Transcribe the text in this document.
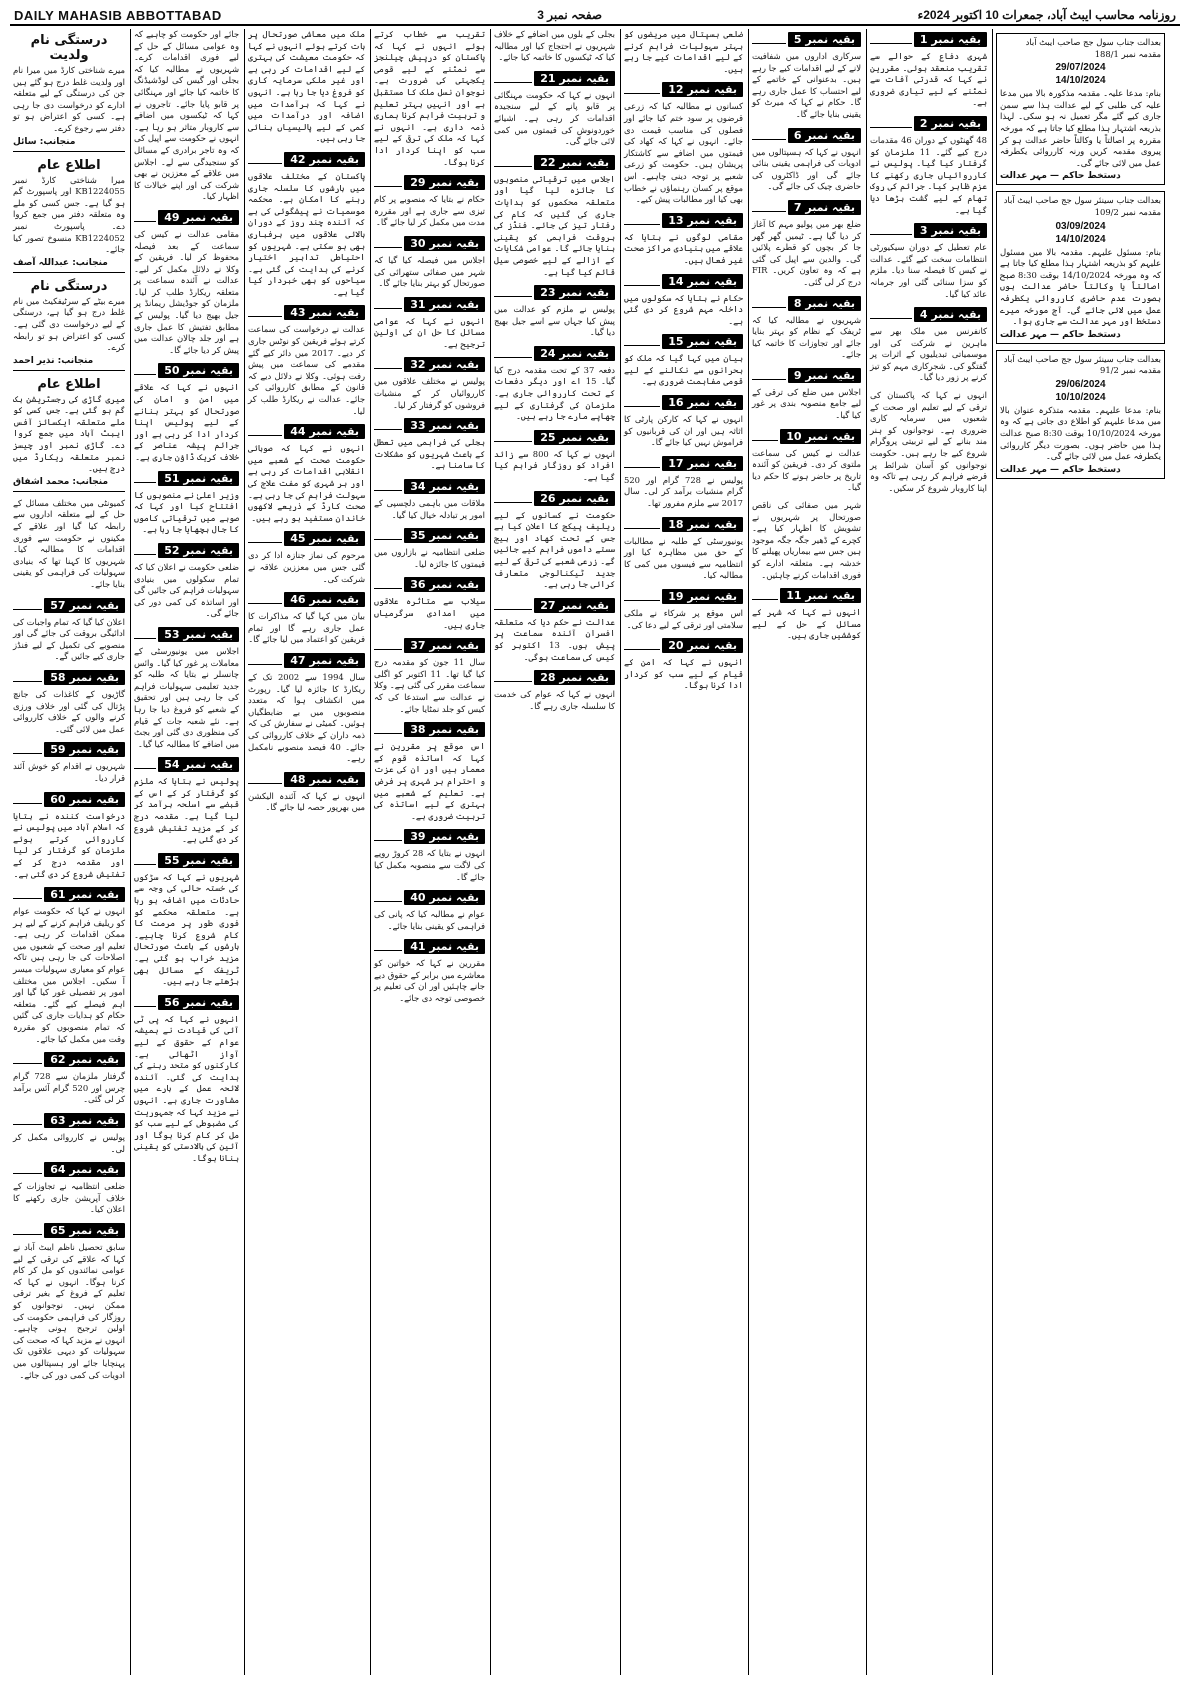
DAILY MAHASIB ABBOTTABAD	صفحہ نمبر 3	روزنامہ محاسب ایبٹ آباد، جمعرات 10 اکتوبر 2024ء
درستگی نام ولدیت

میرے شناختی کارڈ میں میرا نام اور ولدیت غلط درج ہو گئے ہیں جن کی درستگی کے لیے متعلقہ ادارے کو درخواست دی جا رہی ہے۔ کسی کو اعتراض ہو تو دفتر سے رجوع کرے۔

منجانب: سائل
اطلاع عام

میرا شناختی کارڈ نمبر KB1224055 اور پاسپورٹ گم ہو گیا ہے۔ جس کسی کو ملے وہ متعلقہ دفتر میں جمع کروا دے۔ پاسپورٹ نمبر KB1224052 منسوخ تصور کیا جائے۔

منجانب: عبداللہ آصف
درستگی نام

میرے بیٹے کے سرٹیفکیٹ میں نام غلط درج ہو گیا ہے، درستگی کے لیے درخواست دی گئی ہے۔ کسی کو اعتراض ہو تو رابطہ کرے۔

منجانب: نذیر احمد
اطلاع عام

میری گاڑی کی رجسٹریشن بک گم ہو گئی ہے۔ جس کسی کو ملے متعلقہ ایکسائز آفس ایبٹ آباد میں جمع کروا دے۔ گاڑی نمبر اور چیسز نمبر متعلقہ ریکارڈ میں درج ہیں۔

منجانب: محمد اشفاق

کمیونٹی میں مختلف مسائل کے حل کے لیے متعلقہ اداروں سے رابطہ کیا گیا اور علاقے کے مکینوں نے حکومت سے فوری اقدامات کا مطالبہ کیا۔ شہریوں کا کہنا تھا کہ بنیادی سہولیات کی فراہمی کو یقینی بنایا جائے۔

بقیہ نمبر 57

اعلان کیا گیا کہ تمام واجبات کی ادائیگی بروقت کی جائے گی اور منصوبے کی تکمیل کے لیے فنڈز جاری کیے جائیں گے۔

بقیہ نمبر 58

گاڑیوں کے کاغذات کی جانچ پڑتال کی گئی اور خلاف ورزی کرنے والوں کے خلاف کارروائی عمل میں لائی گئی۔

بقیہ نمبر 59

شہریوں نے اقدام کو خوش آئند قرار دیا۔

بقیہ نمبر 60

درخواست کنندہ نے بتایا کہ اسلام آباد میں پولیس نے کارروائی کرتے ہوئے ملزمان کو گرفتار کر لیا اور مقدمہ درج کر کے تفتیش شروع کر دی گئی ہے۔

بقیہ نمبر 61

انہوں نے کہا کہ حکومت عوام کو ریلیف فراہم کرنے کے لیے ہر ممکن اقدامات کر رہی ہے۔ تعلیم اور صحت کے شعبوں میں اصلاحات کی جا رہی ہیں تاکہ عوام کو معیاری سہولیات میسر آ سکیں۔ اجلاس میں مختلف امور پر تفصیلی غور کیا گیا اور اہم فیصلے کیے گئے۔ متعلقہ حکام کو ہدایات جاری کی گئیں کہ تمام منصوبوں کو مقررہ وقت میں مکمل کیا جائے۔

بقیہ نمبر 62

گرفتار ملزمان سے 728 گرام چرس اور 520 گرام آئس برآمد کر لی گئی۔

بقیہ نمبر 63

پولیس نے کارروائی مکمل کر لی۔

بقیہ نمبر 64

ضلعی انتظامیہ نے تجاوزات کے خلاف آپریشن جاری رکھنے کا اعلان کیا۔

بقیہ نمبر 65

سابق تحصیل ناظم ایبٹ آباد نے کہا کہ علاقے کی ترقی کے لیے عوامی نمائندوں کو مل کر کام کرنا ہوگا۔ انہوں نے کہا کہ تعلیم کے فروغ کے بغیر ترقی ممکن نہیں۔ نوجوانوں کو روزگار کی فراہمی حکومت کی اولین ترجیح ہونی چاہیے۔ انہوں نے مزید کہا کہ صحت کی سہولیات کو دیہی علاقوں تک پہنچایا جائے اور ہسپتالوں میں ادویات کی کمی دور کی جائے۔

جائے اور حکومت کو چاہیے کہ وہ عوامی مسائل کے حل کے لیے فوری اقدامات کرے۔ شہریوں نے مطالبہ کیا کہ بجلی اور گیس کی لوڈشیڈنگ کا خاتمہ کیا جائے اور مہنگائی پر قابو پایا جائے۔ تاجروں نے کہا کہ ٹیکسوں میں اضافے سے کاروبار متاثر ہو رہا ہے۔ انہوں نے حکومت سے اپیل کی کہ وہ تاجر برادری کے مسائل کو سنجیدگی سے لے۔ اجلاس میں علاقے کے معززین نے بھی شرکت کی اور اپنے خیالات کا اظہار کیا۔

بقیہ نمبر 49

مقامی عدالت نے کیس کی سماعت کے بعد فیصلہ محفوظ کر لیا۔ فریقین کے وکلا نے دلائل مکمل کر لیے۔ عدالت نے آئندہ سماعت پر متعلقہ ریکارڈ طلب کر لیا۔ ملزمان کو جوڈیشل ریمانڈ پر جیل بھیج دیا گیا۔ پولیس کے مطابق تفتیش کا عمل جاری ہے اور جلد چالان عدالت میں پیش کر دیا جائے گا۔

بقیہ نمبر 50

انہوں نے کہا کہ علاقے میں امن و امان کی صورتحال کو بہتر بنانے کے لیے پولیس اپنا کردار ادا کر رہی ہے اور جرائم پیشہ عناصر کے خلاف کریک ڈاؤن جاری ہے۔

بقیہ نمبر 51

وزیر اعلیٰ نے منصوبوں کا افتتاح کیا اور کہا کہ صوبے میں ترقیاتی کاموں کا جال بچھایا جا رہا ہے۔

بقیہ نمبر 52

ضلعی حکومت نے اعلان کیا کہ تمام سکولوں میں بنیادی سہولیات فراہم کی جائیں گی اور اساتذہ کی کمی دور کی جائے گی۔

بقیہ نمبر 53

اجلاس میں یونیورسٹی کے معاملات پر غور کیا گیا۔ وائس چانسلر نے بتایا کہ طلبہ کو جدید تعلیمی سہولیات فراہم کی جا رہی ہیں اور تحقیق کے شعبے کو فروغ دیا جا رہا ہے۔ نئے شعبہ جات کے قیام کی منظوری دی گئی اور بجٹ میں اضافے کا مطالبہ کیا گیا۔

بقیہ نمبر 54

پولیس نے بتایا کہ ملزم کو گرفتار کر کے اس کے قبضے سے اسلحہ برآمد کر لیا گیا ہے۔ مقدمہ درج کر کے مزید تفتیش شروع کر دی گئی ہے۔

بقیہ نمبر 55

شہریوں نے کہا کہ سڑکوں کی خستہ حالی کی وجہ سے حادثات میں اضافہ ہو رہا ہے۔ متعلقہ محکمے کو فوری طور پر مرمت کا کام شروع کرنا چاہیے۔ بارشوں کے باعث صورتحال مزید خراب ہو گئی ہے۔ ٹریفک کے مسائل بھی بڑھتے جا رہے ہیں۔

بقیہ نمبر 56

انہوں نے کہا کہ پی ٹی آئی کی قیادت نے ہمیشہ عوام کے حقوق کے لیے آواز اٹھائی ہے۔ کارکنوں کو متحد رہنے کی ہدایت کی گئی۔ آئندہ لائحہ عمل کے بارے میں مشاورت جاری ہے۔ انہوں نے مزید کہا کہ جمہوریت کی مضبوطی کے لیے سب کو مل کر کام کرنا ہوگا اور آئین کی بالادستی کو یقینی بنانا ہوگا۔

ملک میں معاشی صورتحال پر بات کرتے ہوئے انہوں نے کہا کہ حکومت معیشت کی بہتری کے لیے اقدامات کر رہی ہے اور غیر ملکی سرمایہ کاری کو فروغ دیا جا رہا ہے۔ انہوں نے کہا کہ برآمدات میں اضافہ اور درآمدات میں کمی کے لیے پالیسیاں بنائی جا رہی ہیں۔

بقیہ نمبر 42

پاکستان کے مختلف علاقوں میں بارشوں کا سلسلہ جاری رہنے کا امکان ہے۔ محکمہ موسمیات نے پیشگوئی کی ہے کہ آئندہ چند روز کے دوران بالائی علاقوں میں برفباری بھی ہو سکتی ہے۔ شہریوں کو احتیاطی تدابیر اختیار کرنے کی ہدایت کی گئی ہے۔ سیاحوں کو بھی خبردار کیا گیا ہے۔

بقیہ نمبر 43

عدالت نے درخواست کی سماعت کرتے ہوئے فریقین کو نوٹس جاری کر دیے۔ 2017 میں دائر کیے گئے مقدمے کی سماعت میں پیش رفت ہوئی۔ وکلا نے دلائل دیے کہ قانون کے مطابق کارروائی کی جائے۔ عدالت نے ریکارڈ طلب کر لیا۔

بقیہ نمبر 44

انہوں نے کہا کہ صوبائی حکومت صحت کے شعبے میں انقلابی اقدامات کر رہی ہے اور ہر شہری کو مفت علاج کی سہولت فراہم کی جا رہی ہے۔ صحت کارڈ کے ذریعے لاکھوں خاندان مستفید ہو رہے ہیں۔

بقیہ نمبر 45

مرحوم کی نماز جنازہ ادا کر دی گئی جس میں معززین علاقہ نے شرکت کی۔

بقیہ نمبر 46

بیان میں کہا گیا کہ مذاکرات کا عمل جاری رہے گا اور تمام فریقین کو اعتماد میں لیا جائے گا۔

بقیہ نمبر 47

سال 1994 سے 2002 تک کے ریکارڈ کا جائزہ لیا گیا۔ رپورٹ میں انکشاف ہوا کہ متعدد منصوبوں میں بے ضابطگیاں ہوئیں۔ کمیٹی نے سفارش کی کہ ذمہ داران کے خلاف کارروائی کی جائے۔ 40 فیصد منصوبے نامکمل رہے۔

بقیہ نمبر 48

انہوں نے کہا کہ آئندہ الیکشن میں بھرپور حصہ لیا جائے گا۔

تقریب سے خطاب کرتے ہوئے انہوں نے کہا کہ پاکستان کو درپیش چیلنجز سے نمٹنے کے لیے قومی یکجہتی کی ضرورت ہے۔ نوجوان نسل ملک کا مستقبل ہے اور انہیں بہتر تعلیم و تربیت فراہم کرنا ہماری ذمہ داری ہے۔ انہوں نے کہا کہ ملک کی ترقی کے لیے سب کو اپنا کردار ادا کرنا ہوگا۔

بقیہ نمبر 29

حکام نے بتایا کہ منصوبے پر کام تیزی سے جاری ہے اور مقررہ مدت میں مکمل کر لیا جائے گا۔

بقیہ نمبر 30

اجلاس میں فیصلہ کیا گیا کہ شہر میں صفائی ستھرائی کی صورتحال کو بہتر بنایا جائے گا۔

بقیہ نمبر 31

انہوں نے کہا کہ عوامی مسائل کا حل ان کی اولین ترجیح ہے۔

بقیہ نمبر 32

پولیس نے مختلف علاقوں میں کارروائیاں کر کے منشیات فروشوں کو گرفتار کر لیا۔

بقیہ نمبر 33

بجلی کی فراہمی میں تعطل کے باعث شہریوں کو مشکلات کا سامنا ہے۔

بقیہ نمبر 34

ملاقات میں باہمی دلچسپی کے امور پر تبادلہ خیال کیا گیا۔

بقیہ نمبر 35

ضلعی انتظامیہ نے بازاروں میں قیمتوں کا جائزہ لیا۔

بقیہ نمبر 36

سیلاب سے متاثرہ علاقوں میں امدادی سرگرمیاں جاری ہیں۔

بقیہ نمبر 37

سال 11 جون کو مقدمہ درج کیا گیا تھا۔ 11 اکتوبر کو اگلی سماعت مقرر کی گئی ہے۔ وکلا نے عدالت سے استدعا کی کہ کیس کو جلد نمٹایا جائے۔

بقیہ نمبر 38

اس موقع پر مقررین نے کہا کہ اساتذہ قوم کے معمار ہیں اور ان کی عزت و احترام ہر شہری پر فرض ہے۔ تعلیم کے شعبے میں بہتری کے لیے اساتذہ کی تربیت ضروری ہے۔

بقیہ نمبر 39

انہوں نے بتایا کہ 28 کروڑ روپے کی لاگت سے منصوبہ مکمل کیا جائے گا۔

بقیہ نمبر 40

عوام نے مطالبہ کیا کہ پانی کی فراہمی کو یقینی بنایا جائے۔

بقیہ نمبر 41

مقررین نے کہا کہ خواتین کو معاشرے میں برابر کے حقوق دیے جانے چاہئیں اور ان کی تعلیم پر خصوصی توجہ دی جائے۔

بجلی کے بلوں میں اضافے کے خلاف شہریوں نے احتجاج کیا اور مطالبہ کیا کہ ٹیکسوں کا خاتمہ کیا جائے۔

بقیہ نمبر 21

انہوں نے کہا کہ حکومت مہنگائی پر قابو پانے کے لیے سنجیدہ اقدامات کر رہی ہے۔ اشیائے خوردونوش کی قیمتوں میں کمی لائی جائے گی۔

بقیہ نمبر 22

اجلاس میں ترقیاتی منصوبوں کا جائزہ لیا گیا اور متعلقہ محکموں کو ہدایات جاری کی گئیں کہ کام کی رفتار تیز کی جائے۔ فنڈز کی بروقت فراہمی کو یقینی بنایا جائے گا۔ عوامی شکایات کے ازالے کے لیے خصوصی سیل قائم کیا گیا ہے۔

بقیہ نمبر 23

پولیس نے ملزم کو عدالت میں پیش کیا جہاں سے اسے جیل بھیج دیا گیا۔

بقیہ نمبر 24

دفعہ 37 کے تحت مقدمہ درج کیا گیا۔ 15 اے اور دیگر دفعات کے تحت کارروائی جاری ہے۔ ملزمان کی گرفتاری کے لیے چھاپے مارے جا رہے ہیں۔

بقیہ نمبر 25

انہوں نے کہا کہ 800 سے زائد افراد کو روزگار فراہم کیا گیا ہے۔

بقیہ نمبر 26

حکومت نے کسانوں کے لیے ریلیف پیکج کا اعلان کیا ہے جس کے تحت کھاد اور بیج سستے داموں فراہم کیے جائیں گے۔ زرعی شعبے کی ترقی کے لیے جدید ٹیکنالوجی متعارف کرائی جا رہی ہے۔

بقیہ نمبر 27

عدالت نے حکم دیا کہ متعلقہ افسران آئندہ سماعت پر پیش ہوں۔ 13 اکتوبر کو کیس کی سماعت ہوگی۔

بقیہ نمبر 28

انہوں نے کہا کہ عوام کی خدمت کا سلسلہ جاری رہے گا۔

ضلعی ہسپتال میں مریضوں کو بہتر سہولیات فراہم کرنے کے لیے اقدامات کیے جا رہے ہیں۔

بقیہ نمبر 12

کسانوں نے مطالبہ کیا کہ زرعی قرضوں پر سود ختم کیا جائے اور فصلوں کی مناسب قیمت دی جائے۔ انہوں نے کہا کہ کھاد کی قیمتوں میں اضافے سے کاشتکار پریشان ہیں۔ حکومت کو زرعی شعبے پر توجہ دینی چاہیے۔ اس موقع پر کسان رہنماؤں نے خطاب بھی کیا اور مطالبات پیش کیے۔

بقیہ نمبر 13

مقامی لوگوں نے بتایا کہ علاقے میں بنیادی مراکز صحت غیر فعال ہیں۔

بقیہ نمبر 14

حکام نے بتایا کہ سکولوں میں داخلہ مہم شروع کر دی گئی ہے۔

بقیہ نمبر 15

بیان میں کہا گیا کہ ملک کو بحرانوں سے نکالنے کے لیے قومی مفاہمت ضروری ہے۔

بقیہ نمبر 16

انہوں نے کہا کہ کارکن پارٹی کا اثاثہ ہیں اور ان کی قربانیوں کو فراموش نہیں کیا جائے گا۔

بقیہ نمبر 17

پولیس نے 728 گرام اور 520 گرام منشیات برآمد کر لی۔ سال 2017 سے ملزم مفرور تھا۔

بقیہ نمبر 18

یونیورسٹی کے طلبہ نے مطالبات کے حق میں مظاہرہ کیا اور انتظامیہ سے فیسوں میں کمی کا مطالبہ کیا۔

بقیہ نمبر 19

اس موقع پر شرکاء نے ملکی سلامتی اور ترقی کے لیے دعا کی۔

بقیہ نمبر 20

انہوں نے کہا کہ امن کے قیام کے لیے سب کو کردار ادا کرنا ہوگا۔

بقیہ نمبر 5

سرکاری اداروں میں شفافیت لانے کے لیے اقدامات کیے جا رہے ہیں۔ بدعنوانی کے خاتمے کے لیے احتساب کا عمل جاری رہے گا۔ حکام نے کہا کہ میرٹ کو یقینی بنایا جائے گا۔

بقیہ نمبر 6

انہوں نے کہا کہ ہسپتالوں میں ادویات کی فراہمی یقینی بنائی جائے گی اور ڈاکٹروں کی حاضری چیک کی جائے گی۔

بقیہ نمبر 7

ضلع بھر میں پولیو مہم کا آغاز کر دیا گیا ہے۔ ٹیمیں گھر گھر جا کر بچوں کو قطرے پلائیں گی۔ والدین سے اپیل کی گئی ہے کہ وہ تعاون کریں۔ FIR درج کر لی گئی۔

بقیہ نمبر 8

شہریوں نے مطالبہ کیا کہ ٹریفک کے نظام کو بہتر بنایا جائے اور تجاوزات کا خاتمہ کیا جائے۔

بقیہ نمبر 9

اجلاس میں ضلع کی ترقی کے لیے جامع منصوبہ بندی پر غور کیا گیا۔

بقیہ نمبر 10

عدالت نے کیس کی سماعت ملتوی کر دی۔ فریقین کو آئندہ تاریخ پر حاضر ہونے کا حکم دیا گیا۔

شہر میں صفائی کی ناقص صورتحال پر شہریوں نے تشویش کا اظہار کیا ہے۔ کچرے کے ڈھیر جگہ جگہ موجود ہیں جس سے بیماریاں پھیلنے کا خدشہ ہے۔ متعلقہ ادارے کو فوری اقدامات کرنے چاہئیں۔

بقیہ نمبر 11

انہوں نے کہا کہ شہر کے مسائل کے حل کے لیے کوششیں جاری ہیں۔

بقیہ نمبر 1

شہری دفاع کے حوالے سے تقریب منعقد ہوئی۔ مقررین نے کہا کہ قدرتی آفات سے نمٹنے کے لیے تیاری ضروری ہے۔

بقیہ نمبر 2

48 گھنٹوں کے دوران 46 مقدمات درج کیے گئے۔ 11 ملزمان کو گرفتار کیا گیا۔ پولیس نے کارروائیاں جاری رکھنے کا عزم ظاہر کیا۔ جرائم کی روک تھام کے لیے گشت بڑھا دیا گیا ہے۔

بقیہ نمبر 3

عام تعطیل کے دوران سیکیورٹی انتظامات سخت کیے گئے۔ عدالت نے کیس کا فیصلہ سنا دیا۔ ملزم کو سزا سنائی گئی اور جرمانہ عائد کیا گیا۔

بقیہ نمبر 4

کانفرنس میں ملک بھر سے ماہرین نے شرکت کی اور موسمیاتی تبدیلیوں کے اثرات پر گفتگو کی۔ شجرکاری مہم کو تیز کرنے پر زور دیا گیا۔

انہوں نے کہا کہ پاکستان کی ترقی کے لیے تعلیم اور صحت کے شعبوں میں سرمایہ کاری ضروری ہے۔ نوجوانوں کو ہنر مند بنانے کے لیے تربیتی پروگرام شروع کیے جا رہے ہیں۔ حکومت نوجوانوں کو آسان شرائط پر قرضے فراہم کر رہی ہے تاکہ وہ اپنا کاروبار شروع کر سکیں۔

بعدالت جناب سول جج صاحب ایبٹ آباد
مقدمہ نمبر 188/1
29/07/2024
14/10/2024
بنام: مدعا علیہ۔ مقدمہ مذکورہ بالا میں مدعا علیہ کی طلبی کے لیے عدالت ہذا سے سمن جاری کیے گئے مگر تعمیل نہ ہو سکی۔ لہذا بذریعہ اشتہار ہذا مطلع کیا جاتا ہے کہ مورخہ مقررہ پر اصالتاً یا وکالتاً حاضر عدالت ہو کر پیروی مقدمہ کریں ورنہ کارروائی یکطرفہ عمل میں لائی جائے گی۔
دستخط حاکم — مہر عدالت
بعدالت جناب سینئر سول جج صاحب ایبٹ آباد
مقدمہ نمبر 109/2
03/09/2024
14/10/2024
بنام: مسئول علیہم۔ مقدمہ بالا میں مسئول علیہم کو بذریعہ اشتہار ہذا مطلع کیا جاتا ہے کہ وہ مورخہ 14/10/2024 بوقت 8:30 صبح اصالتاً یا وکالتاً حاضر عدالت ہوں بصورت عدم حاضری کارروائی یکطرفہ عمل میں لائی جائے گی۔ آج مورخہ میرے دستخط اور مہر عدالت سے جاری ہوا۔
دستخط حاکم — مہر عدالت
بعدالت جناب سینئر سول جج صاحب ایبٹ آباد
مقدمہ نمبر 91/2
29/06/2024
10/10/2024
بنام: مدعا علیہم۔ مقدمہ متذکرہ عنوان بالا میں مدعا علیہم کو اطلاع دی جاتی ہے کہ وہ مورخہ 10/10/2024 بوقت 8:30 صبح عدالت ہذا میں حاضر ہوں۔ بصورت دیگر کارروائی یکطرفہ عمل میں لائی جائے گی۔
دستخط حاکم — مہر عدالت
